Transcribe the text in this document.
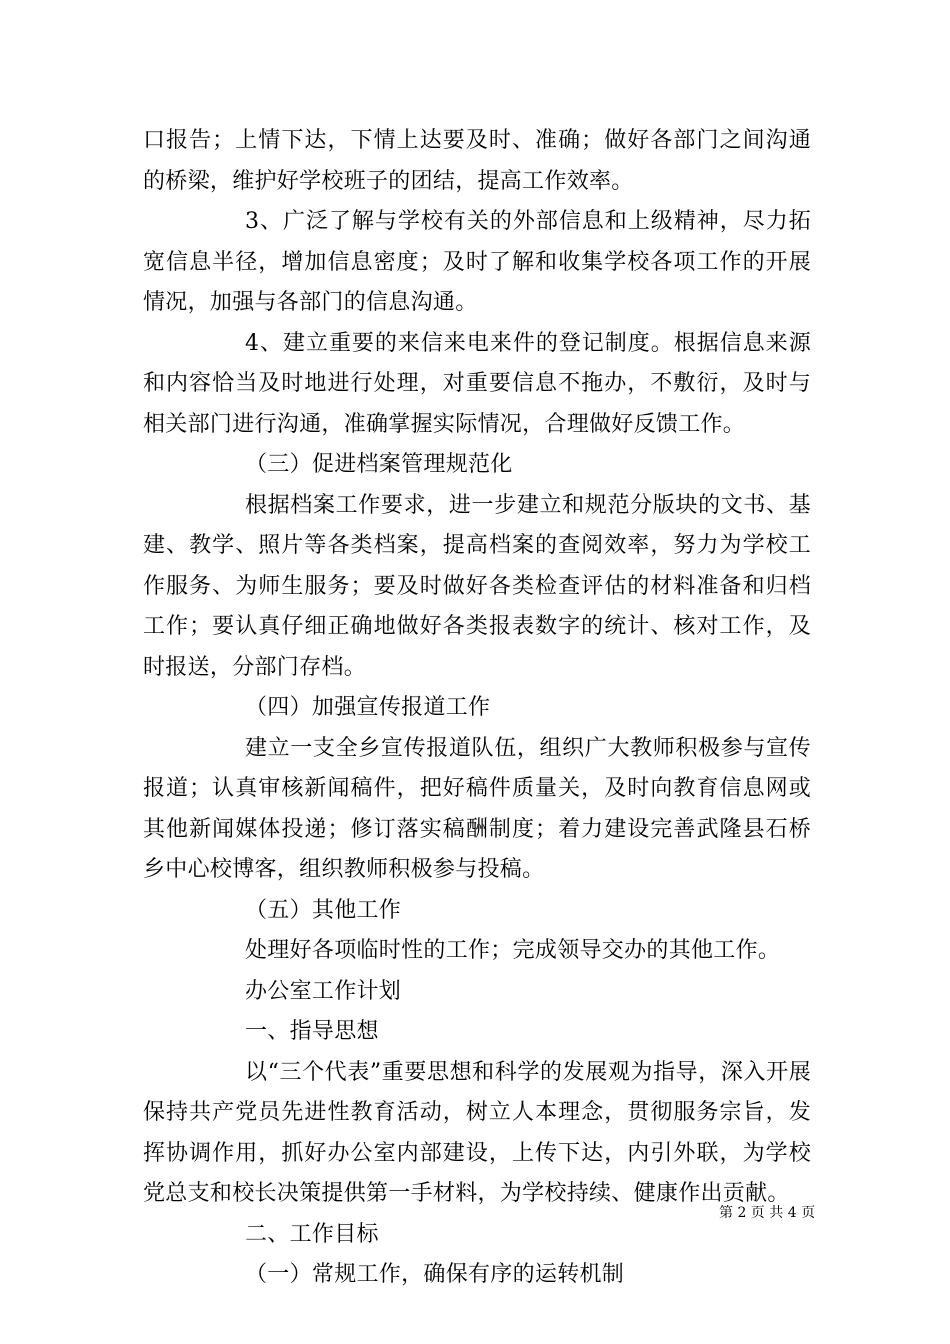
口报告；上情下达，下情上达要及时、准确；做好各部门之间沟通的桥梁，维护好学校班子的团结，提高工作效率。

3、广泛了解与学校有关的外部信息和上级精神，尽力拓宽信息半径，增加信息密度；及时了解和收集学校各项工作的开展情况，加强与各部门的信息沟通。

4、建立重要的来信来电来件的登记制度。根据信息来源和内容恰当及时地进行处理，对重要信息不拖办，不敷衍，及时与相关部门进行沟通，准确掌握实际情况，合理做好反馈工作。

（三）促进档案管理规范化

根据档案工作要求，进一步建立和规范分版块的文书、基建、教学、照片等各类档案，提高档案的查阅效率，努力为学校工作服务、为师生服务；要及时做好各类检查评估的材料准备和归档工作；要认真仔细正确地做好各类报表数字的统计、核对工作，及时报送，分部门存档。

（四）加强宣传报道工作

建立一支全乡宣传报道队伍，组织广大教师积极参与宣传报道；认真审核新闻稿件，把好稿件质量关，及时向教育信息网或其他新闻媒体投递；修订落实稿酬制度；着力建设完善武隆县石桥乡中心校博客，组织教师积极参与投稿。

（五）其他工作

处理好各项临时性的工作；完成领导交办的其他工作。

办公室工作计划

一、指导思想

以“三个代表”重要思想和科学的发展观为指导，深入开展保持共产党员先进性教育活动，树立人本理念，贯彻服务宗旨，发挥协调作用，抓好办公室内部建设，上传下达，内引外联，为学校党总支和校长决策提供第一手材料，为学校持续、健康作出贡献。

二、工作目标

（一）常规工作，确保有序的运转机制

第 2 页 共 4 页
